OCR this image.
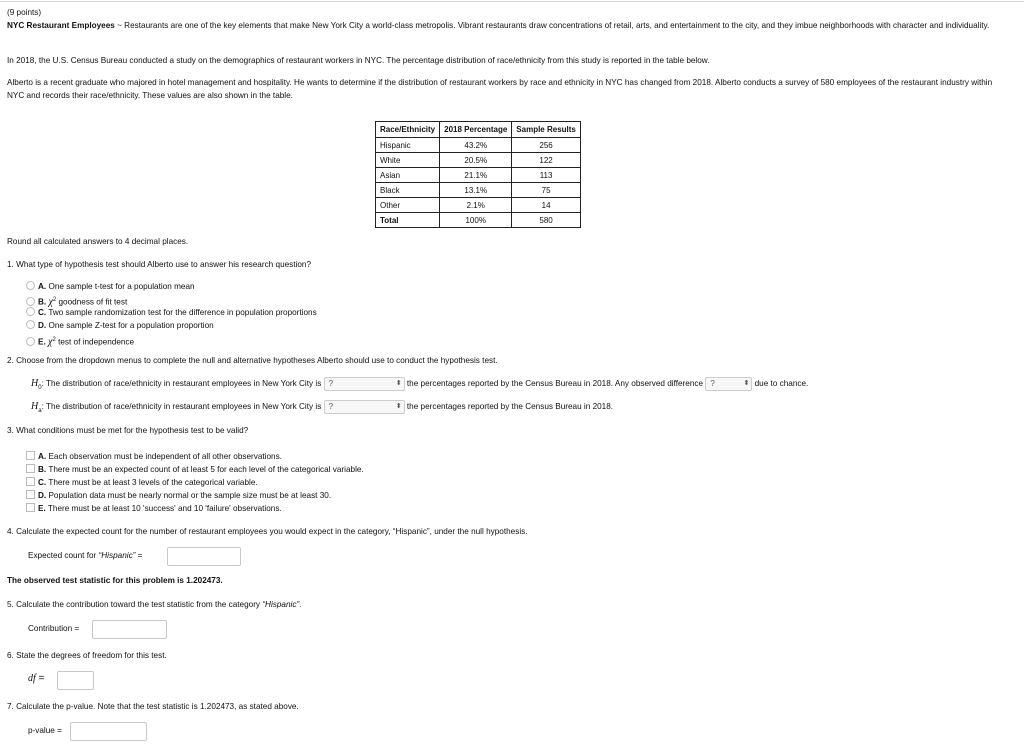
(9 points)
NYC Restaurant Employees ~ Restaurants are one of the key elements that make New York City a world-class metropolis. Vibrant restaurants draw concentrations of retail, arts, and entertainment to the city, and they imbue neighborhoods with character and individuality.
In 2018, the U.S. Census Bureau conducted a study on the demographics of restaurant workers in NYC. The percentage distribution of race/ethnicity from this study is reported in the table below.
Alberto is a recent graduate who majored in hotel management and hospitality. He wants to determine if the distribution of restaurant workers by race and ethnicity in NYC has changed from 2018. Alberto conducts a survey of 580 employees of the restaurant industry within NYC and records their race/ethnicity. These values are also shown in the table.
Race/Ethnicity	2018 Percentage	Sample Results
Hispanic	43.2%	256
White	20.5%	122
Asian	21.1%	113
Black	13.1%	75
Other	2.1%	14
Total	100%	580
Round all calculated answers to 4 decimal places.
1. What type of hypothesis test should Alberto use to answer his research question?
A. One sample t-test for a population mean
B. $\chi^2$ goodness of fit test
C. Two sample randomization test for the difference in population proportions
D. One sample Z-test for a population proportion
E. $\chi^2$ test of independence
2. Choose from the dropdown menus to complete the null and alternative hypotheses Alberto should use to conduct the hypothesis test.
$H_0$: The distribution of race/ethnicity in restaurant employees in New York City is ?	⬍ the percentages reported by the Census Bureau in 2018. Any observed difference ?	⬍ due to chance.
$H_a$: The distribution of race/ethnicity in restaurant employees in New York City is ?	⬍ the percentages reported by the Census Bureau in 2018.
3. What conditions must be met for the hypothesis test to be valid?
A. Each observation must be independent of all other observations.
B. There must be an expected count of at least 5 for each level of the categorical variable.
C. There must be at least 3 levels of the categorical variable.
D. Population data must be nearly normal or the sample size must be at least 30.
E. There must be at least 10 'success' and 10 'failure' observations.
4. Calculate the expected count for the number of restaurant employees you would expect in the category, “Hispanic”, under the null hypothesis.
Expected count for “Hispanic” =
The observed test statistic for this problem is 1.202473.
5. Calculate the contribution toward the test statistic from the category “Hispanic”.
Contribution =
6. State the degrees of freedom for this test.
df =
7. Calculate the p-value. Note that the test statistic is 1.202473, as stated above.
p-value =
